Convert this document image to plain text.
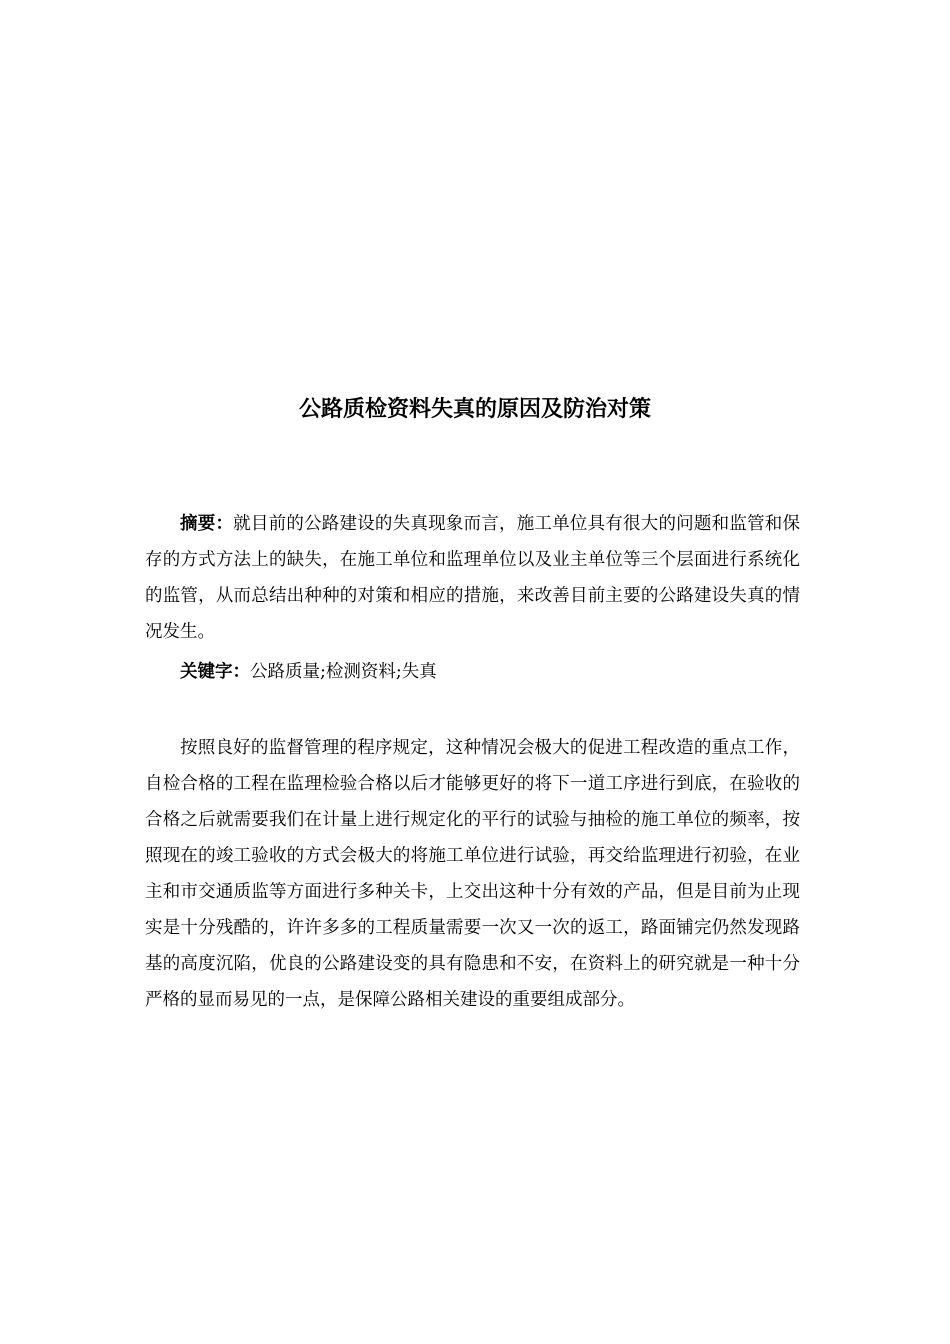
公路质检资料失真的原因及防治对策

摘要：就目前的公路建设的失真现象而言，施工单位具有很大的问题和监管和保存的方式方法上的缺失，在施工单位和监理单位以及业主单位等三个层面进行系统化的监管，从而总结出种种的对策和相应的措施，来改善目前主要的公路建设失真的情况发生。

关键字：公路质量;检测资料;失真

按照良好的监督管理的程序规定，这种情况会极大的促进工程改造的重点工作，自检合格的工程在监理检验合格以后才能够更好的将下一道工序进行到底，在验收的合格之后就需要我们在计量上进行规定化的平行的试验与抽检的施工单位的频率，按照现在的竣工验收的方式会极大的将施工单位进行试验，再交给监理进行初验，在业主和市交通质监等方面进行多种关卡，上交出这种十分有效的产品，但是目前为止现实是十分残酷的，许许多多的工程质量需要一次又一次的返工，路面铺完仍然发现路基的高度沉陷，优良的公路建设变的具有隐患和不安，在资料上的研究就是一种十分严格的显而易见的一点，是保障公路相关建设的重要组成部分。
